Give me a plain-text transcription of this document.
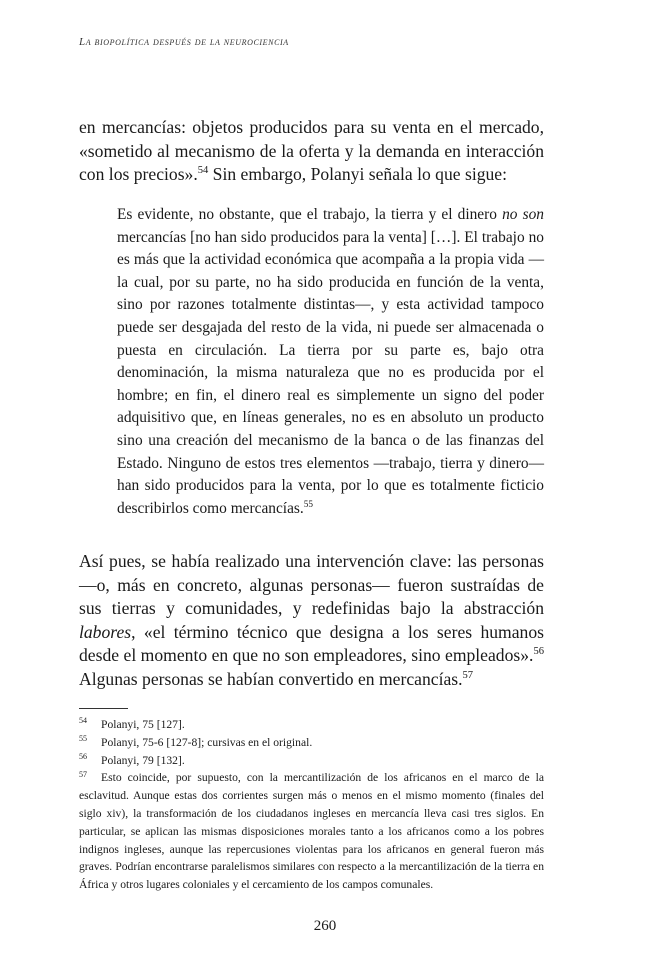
La biopolítica después de la neurociencia

en mercancías: objetos producidos para su venta en el mercado, «sometido al mecanismo de la oferta y la demanda en interacción con los precios».$^{54}$ Sin embargo, Polanyi señala lo que sigue:

Es evidente, no obstante, que el trabajo, la tierra y el dinero no son mercancías [no han sido producidos para la venta] […]. El trabajo no es más que la actividad económica que acompaña a la propia vida —la cual, por su parte, no ha sido producida en función de la venta, sino por razones totalmente distintas—, y esta actividad tampoco puede ser desgajada del resto de la vida, ni puede ser almacenada o puesta en circulación. La tierra por su parte es, bajo otra denominación, la misma naturaleza que no es producida por el hombre; en fin, el dinero real es simplemente un signo del poder adquisitivo que, en líneas generales, no es en absoluto un producto sino una creación del mecanismo de la banca o de las finanzas del Estado. Ninguno de estos tres elementos —trabajo, tierra y dinero— han sido producidos para la venta, por lo que es totalmente ficticio describirlos como mercancías.$^{55}$

Así pues, se había realizado una intervención clave: las personas —o, más en concreto, algunas personas— fueron sustraídas de sus tierras y comunidades, y redefinidas bajo la abstracción labores, «el término técnico que designa a los seres humanos desde el momento en que no son empleadores, sino empleados».$^{56}$ Algunas personas se habían convertido en mercancías.$^{57}$

54 Polanyi, 75 [127].
55 Polanyi, 75-6 [127-8]; cursivas en el original.
56 Polanyi, 79 [132].
57 Esto coincide, por supuesto, con la mercantilización de los africanos en el marco de la esclavitud. Aunque estas dos corrientes surgen más o menos en el mismo momento (finales del siglo xiv), la transformación de los ciudadanos ingleses en mercancía lleva casi tres siglos. En particular, se aplican las mismas disposiciones morales tanto a los africanos como a los pobres indignos ingleses, aunque las repercusiones violentas para los africanos en general fueron más graves. Podrían encontrarse paralelismos similares con respecto a la mercantilización de la tierra en África y otros lugares coloniales y el cercamiento de los campos comunales.
260
